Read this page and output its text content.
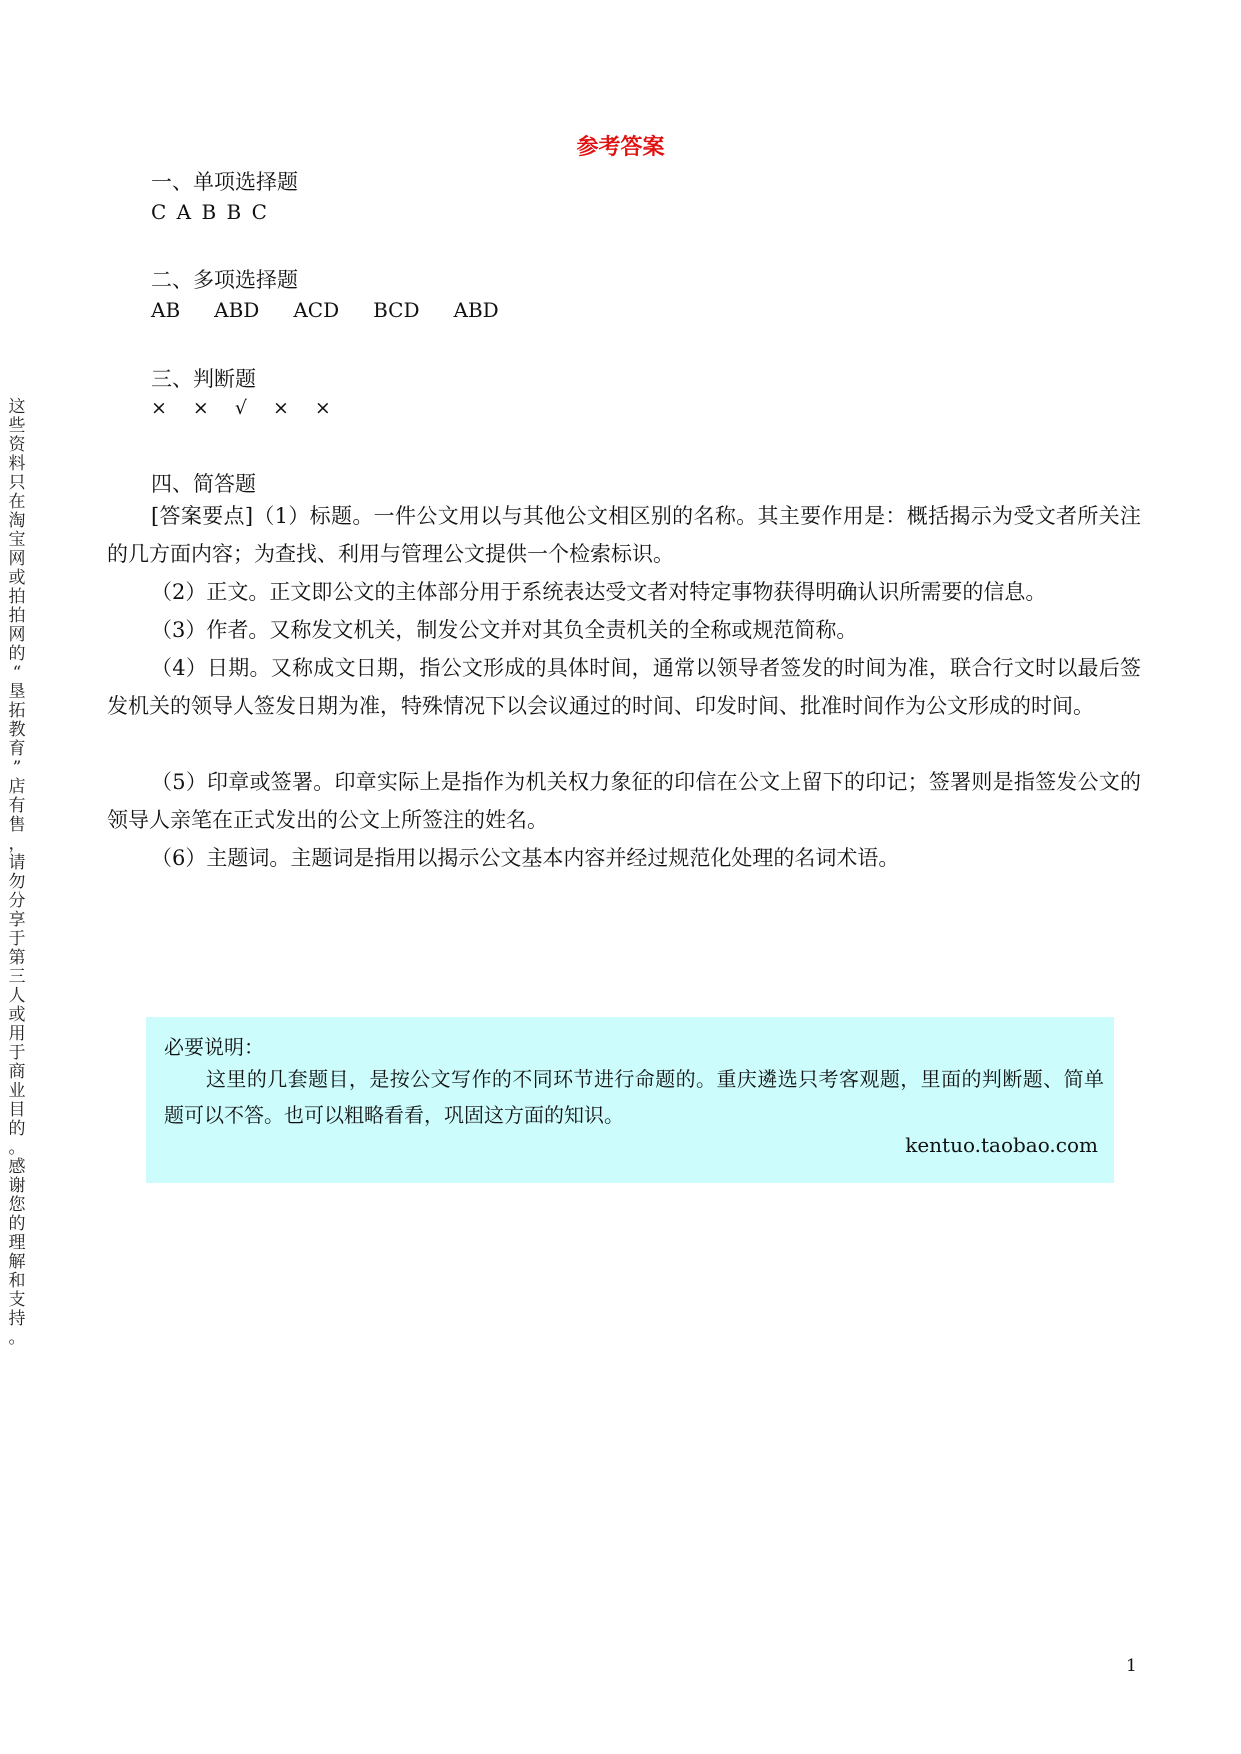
这
些
资
料
只
在
淘
宝
网
或
拍
拍
网
的
“
垦
拓
教
育
”
店
有
售
，
请
勿
分
享
于
第
三
人
或
用
于
商
业
目
的
。
感
谢
您
的
理
解
和
支
持
。
参考答案
一、单项选择题
C A B B C
二、多项选择题
AB ABD ACD BCD ABD
三、判断题
× × √ × ×
四、简答题

[答案要点]（1）标题。一件公文用以与其他公文相区别的名称。其主要作用是：概括揭示为受文者所关注的几方面内容；为查找、利用与管理公文提供一个检索标识。

（2）正文。正文即公文的主体部分用于系统表达受文者对特定事物获得明确认识所需要的信息。

（3）作者。又称发文机关，制发公文并对其负全责机关的全称或规范简称。

（4）日期。又称成文日期，指公文形成的具体时间，通常以领导者签发的时间为准，联合行文时以最后签发机关的领导人签发日期为准，特殊情况下以会议通过的时间、印发时间、批准时间作为公文形成的时间。

（5）印章或签署。印章实际上是指作为机关权力象征的印信在公文上留下的印记；签署则是指签发公文的领导人亲笔在正式发出的公文上所签注的姓名。

（6）主题词。主题词是指用以揭示公文基本内容并经过规范化处理的名词术语。

必要说明：

这里的几套题目，是按公文写作的不同环节进行命题的。重庆遴选只考客观题，里面的判断题、简单题可以不答。也可以粗略看看，巩固这方面的知识。

kentuo.taobao.com
1
